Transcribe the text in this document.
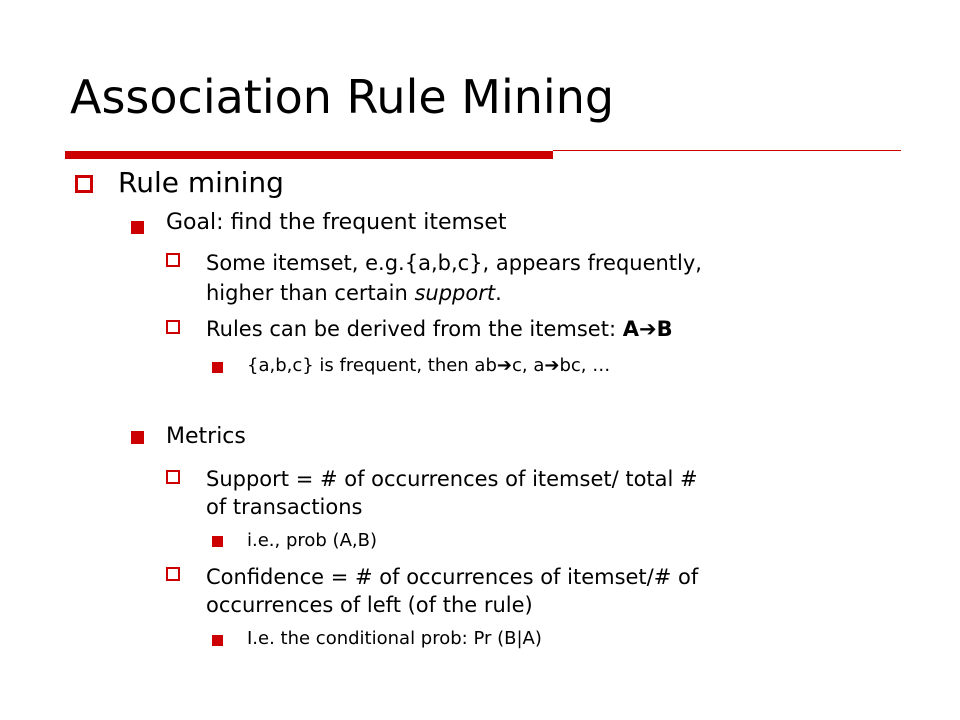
Association Rule Mining
Rule mining
Goal: find the frequent itemset
Some itemset, e.g.{a,b,c}, appears frequently,
higher than certain support.
Rules can be derived from the itemset: A➔B
{a,b,c} is frequent, then ab➔c, a➔bc, …
Metrics
Support = # of occurrences of itemset/ total #
of transactions
i.e., prob (A,B)
Confidence = # of occurrences of itemset/# of
occurrences of left (of the rule)
I.e. the conditional prob: Pr (B|A)
